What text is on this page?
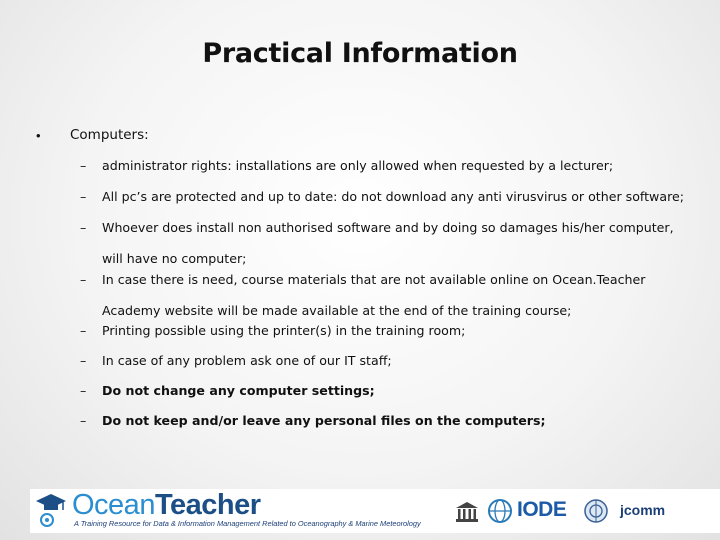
Practical Information
• Computers:
– administrator rights: installations are only allowed when requested by a lecturer;
– All pc’s are protected and up to date: do not download any anti virusvirus or other software;
– Whoever does install non authorised software and by doing so damages his/her computer, will have no computer;
– In case there is need, course materials that are not available online on Ocean.Teacher Academy website will be made available at the end of the training course;
– Printing possible using the printer(s) in the training room;
– In case of any problem ask one of our IT staff;
– Do not change any computer settings;
– Do not keep and/or leave any personal files on the computers;
OceanTeacher
A Training Resource for Data & Information Management Related to Oceanography & Marine Meteorology
IODE	jcomm
